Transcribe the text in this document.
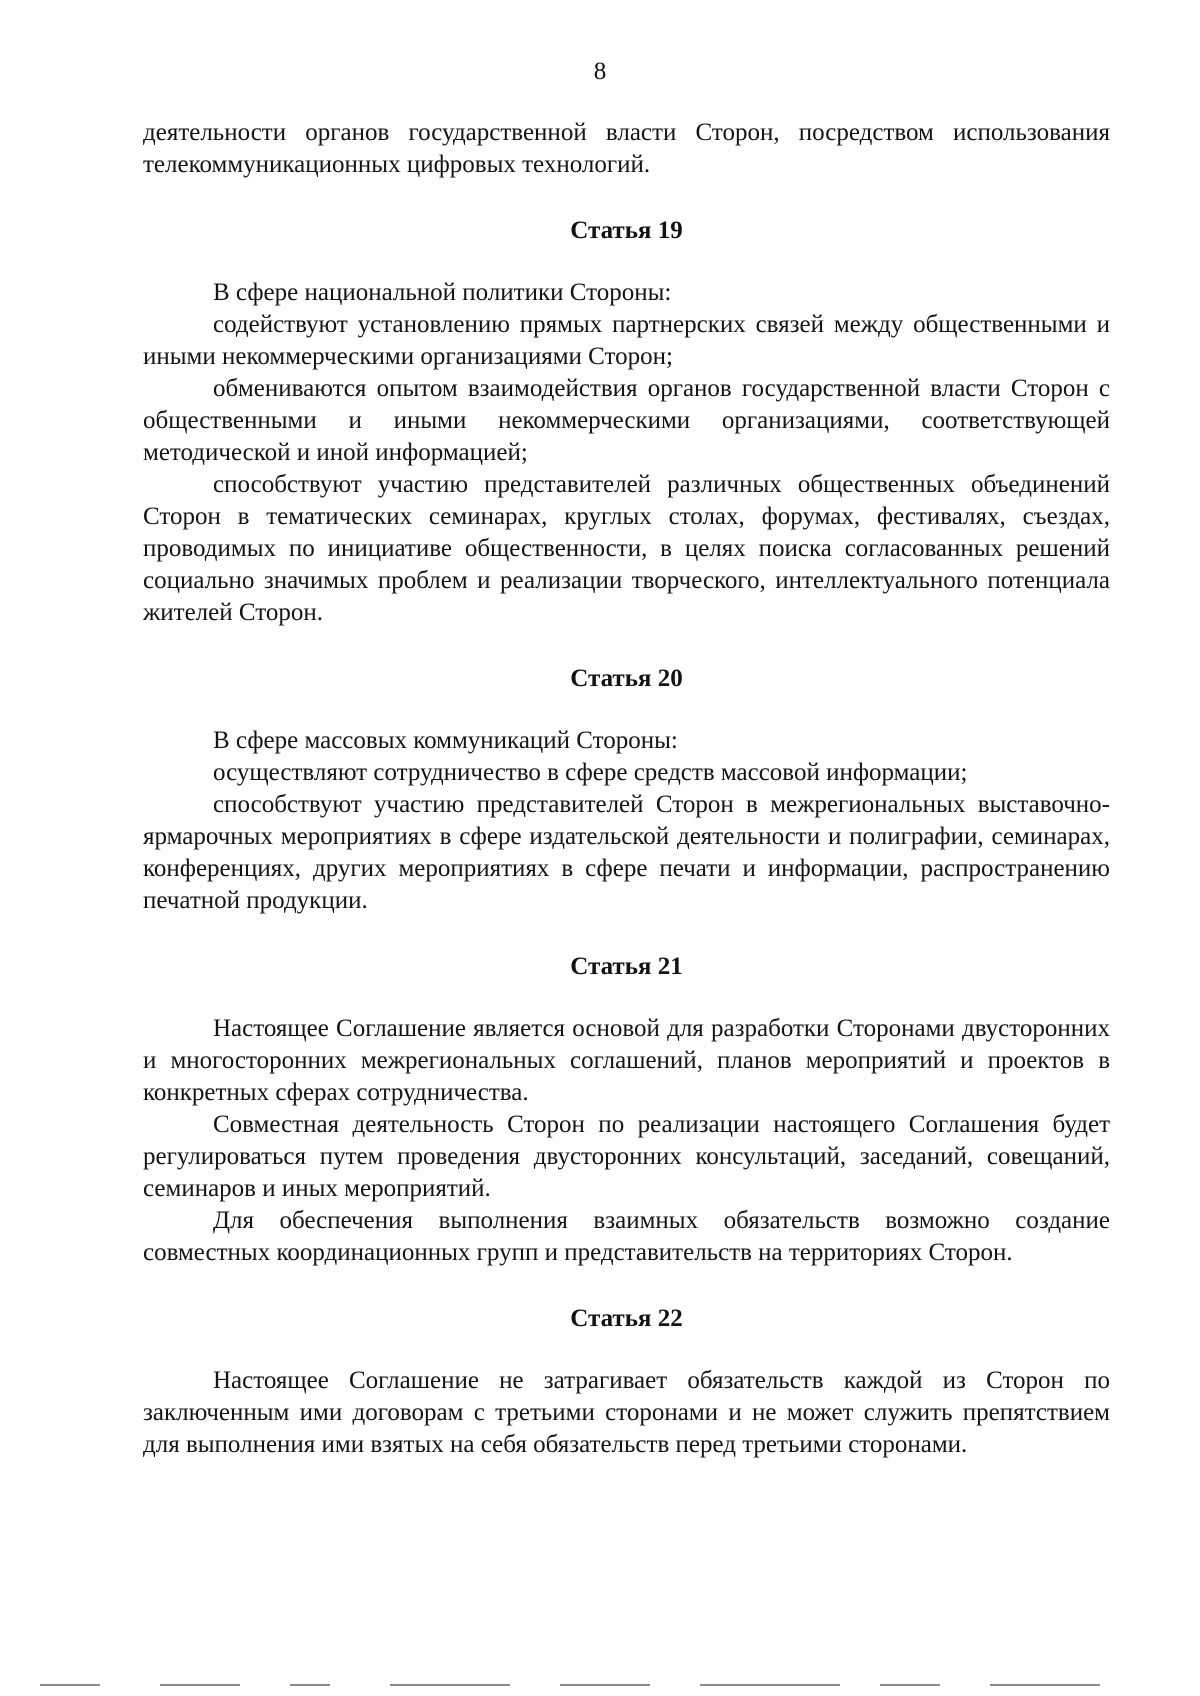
8

деятельности органов государственной власти Сторон, посредством использования телекоммуникационных цифровых технологий.

Статья 19

В сфере национальной политики Стороны:

содействуют установлению прямых партнерских связей между общественными и иными некоммерческими организациями Сторон;

обмениваются опытом взаимодействия органов государственной власти Сторон с общественными и иными некоммерческими организациями, соответствующей методической и иной информацией;

способствуют участию представителей различных общественных объединений Сторон в тематических семинарах, круглых столах, форумах, фестивалях, съездах, проводимых по инициативе общественности, в целях поиска согласованных решений социально значимых проблем и реализации творческого, интеллектуального потенциала жителей Сторон.

Статья 20

В сфере массовых коммуникаций Стороны:

осуществляют сотрудничество в сфере средств массовой информации;

способствуют участию представителей Сторон в межрегиональных выставочно-ярмарочных мероприятиях в сфере издательской деятельности и полиграфии, семинарах, конференциях, других мероприятиях в сфере печати и информации, распространению печатной продукции.

Статья 21

Настоящее Соглашение является основой для разработки Сторонами двусторонних и многосторонних межрегиональных соглашений, планов мероприятий и проектов в конкретных сферах сотрудничества.

Совместная деятельность Сторон по реализации настоящего Соглашения будет регулироваться путем проведения двусторонних консультаций, заседаний, совещаний, семинаров и иных мероприятий.

Для обеспечения выполнения взаимных обязательств возможно создание совместных координационных групп и представительств на территориях Сторон.

Статья 22

Настоящее Соглашение не затрагивает обязательств каждой из Сторон по заключенным ими договорам с третьими сторонами и не может служить препятствием для выполнения ими взятых на себя обязательств перед третьими сторонами.
